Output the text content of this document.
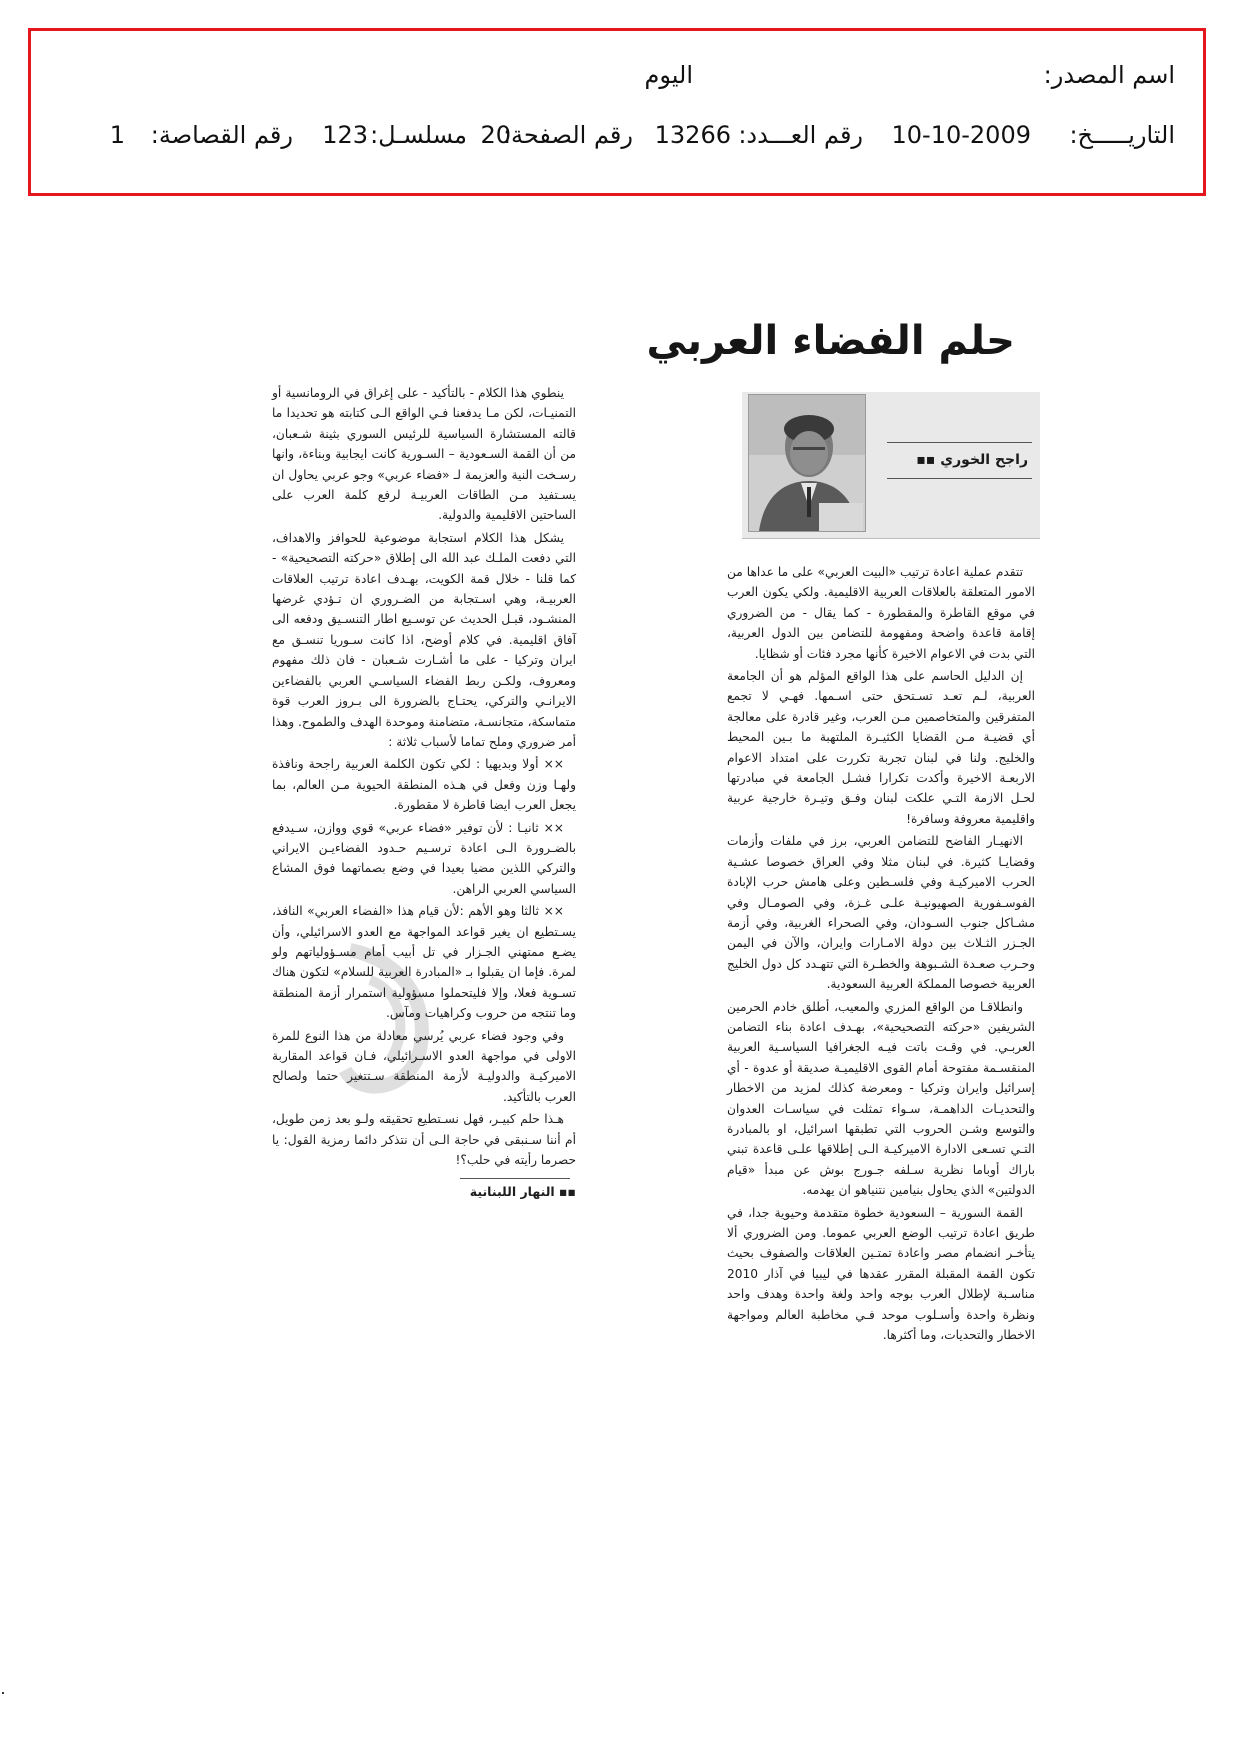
اسم المصدر:
اليوم
التاريـــــخ:
10-10-2009
رقم العـــدد:
13266
رقم الصفحة:
20
مسلسـل:
123
رقم القصاصة:
1
حلم الفضاء العربي
راجح الخوري ▪▪

تتقدم عملية اعادة ترتيب «البيت العربي» على ما عداها من الامور المتعلقة بالعلاقات العربية الاقليمية. ولكي يكون العرب في موقع القاطرة والمقطورة - كما يقال - من الضروري إقامة قاعدة واضحة ومفهومة للتضامن بين الدول العربية، التي بدت في الاعوام الاخيرة كأنها مجرد فئات أو شظايا.

إن الدليل الحاسم على هذا الواقع المؤلم هو أن الجامعة العربية، لـم تعـد تسـتحق حتى اسـمها. فهـي لا تجمع المتفرقين والمتخاصمين مـن العرب، وغير قادرة على معالجة أي قضيـة مـن القضايا الكثيـرة الملتهبة ما بـين المحيط والخليج. ولنا في لبنان تجربة تكررت على امتداد الاعوام الاربعـة الاخيرة وأكدت تكرارا فشـل الجامعة في مبادرتها لحـل الازمة التـي علكت لبنان وفـق وتيـرة خارجية عربية واقليمية معروفة وسافرة!

الانهيـار الفاضح للتضامن العربي، برز في ملفات وأزمات وقضايـا كثيرة. في لبنان مثلا وفي العراق خصوصا عشـية الحرب الاميركيـة وفي فلسـطين وعلى هامش حرب الإبادة الفوسـفورية الصهيونيـة علـى غـزة، وفي الصومـال وفي مشـاكل جنوب السـودان، وفي الصحراء الغربية، وفي أزمة الجـزر الثـلاث بين دولة الامـارات وايران، والآن في اليمن وحـرب صعـدة الشـبوهة والخطـرة التي تتهـدد كل دول الخليج العربية خصوصا المملكة العربية السعودية.

وانطلاقـا من الواقع المزري والمعيب، أطلق خادم الحرمين الشريفين «حركته التصحيحية»، بهـدف اعادة بناء التضامن العربـي. في وقـت باتت فيـه الجغرافيا السياسـية العربية المنقسـمة مفتوحة أمام القوى الاقليميـة صديقة أو عدوة - أي إسرائيل وايران وتركيا - ومعرضة كذلك لمزيد من الاخطار والتحديـات الداهمـة، سـواء تمثلت في سياسـات العدوان والتوسع وشـن الحروب التي تطبقها اسرائيل، او بالمبادرة التـي تسـعى الادارة الاميركيـة الـى إطلاقها علـى قاعدة تبني باراك أوباما نظرية سـلفه جـورج بوش عن مبدأ «قيام الدولتين» الذي يحاول بنيامين نتنياهو ان يهدمه.

القمة السورية – السعودية خطوة متقدمة وحيوية جدا، في طريق اعادة ترتيب الوضع العربي عموما. ومن الضروري ألا يتأخـر انضمام مصر واعادة تمتـين العلاقات والصفوف بحيث تكون القمة المقبلة المقرر عقدها في ليبيا في آذار 2010 مناسـبة لإطلال العرب بوجه واحد ولغة واحدة وهدف واحد ونظرة واحدة وأسـلوب موحد فـي مخاطبة العالم ومواجهة الاخطار والتحديات، وما أكثرها.

ينطوي هذا الكلام - بالتأكيد - على إغراق في الرومانسية أو التمنيـات، لكن مـا يدفعنا فـي الواقع الـى كتابته هو تحديدا ما قالته المستشارة السياسية للرئيس السوري بثينة شـعبان، من أن القمة السـعودية – السـورية كانت ايجابية وبناءة، وانها رسـخت النية والعزيمة لـ «فضاء عربي» وجو عربي يحاول ان يسـتفيد مـن الطاقات العربيـة لرفع كلمة العرب على الساحتين الاقليمية والدولية.

يشكل هذا الكلام استجابة موضوعية للحوافز والاهداف، التي دفعت الملـك عبد الله الى إطلاق «حركته التصحيحية» - كما قلنا - خلال قمة الكويت، بهـدف اعادة ترتيب العلاقات العربيـة، وهي اسـتجابة من الضـروري ان تـؤدي غرضها المنشـود، قبـل الحديث عن توسـيع اطار التنسـيق ودفعه الى آفاق اقليمية. في كلام أوضح، اذا كانت سـوريا تنسـق مع ايران وتركيا - على ما أشـارت شـعبان - فان ذلك مفهوم ومعروف، ولكـن ربط الفضاء السياسـي العربي بالفضاءين الايرانـي والتركي، يحتـاج بالضرورة الى بـروز العرب قوة متماسكة، متجانسـة، متضامنة وموحدة الهدف والطموح. وهذا أمر ضروري وملح تماما لأسباب ثلاثة :

×× أولا وبديهيا : لكي تكون الكلمة العربية راجحة ونافذة ولهـا وزن وفعل في هـذه المنطقة الحيوية مـن العالم، بما يجعل العرب ايضا قاطرة لا مقطورة.

×× ثانيـا : لأن توفير «فضاء عربي» قوي ووازن، سـيدفع بالضـرورة الـى اعادة ترسـيم حـدود الفضاءيـن الايراني والتركي اللذين مضيا بعيدا في وضع بصماتهما فوق المشاع السياسي العربي الراهن.

×× ثالثا وهو الأهم :لأن قيام هذا «الفضاء العربي» النافذ، يسـتطيع ان يغير قواعد المواجهة مع العدو الاسرائيلي، وأن يضـع ممتهني الجـزار في تل أبيب أمام مسـؤولياتهم ولو لمرة. فإما ان يقبلوا بـ «المبادرة العربية للسلام» لتكون هناك تسـوية فعلا، وإلا فليتحملوا مسؤولية استمرار أزمة المنطقة وما تنتجه من حروب وكراهيات ومآس.

وفي وجود فضاء عربي يُرسي معادلة من هذا النوع للمرة الاولى في مواجهة العدو الاسـرائيلي، فـان قواعد المقاربة الاميركيـة والدوليـة لأزمة المنطقة سـتتغير حتما ولصالح العرب بالتأكيد.

هـذا حلم كبيـر، فهل نسـتطيع تحقيقه ولـو بعد زمن طويل، أم أننا سـنبقى في حاجة الـى أن نتذكر دائما رمزية القول: يا حصرما رأيته في حلب؟!

▪▪ النهار اللبنانية
